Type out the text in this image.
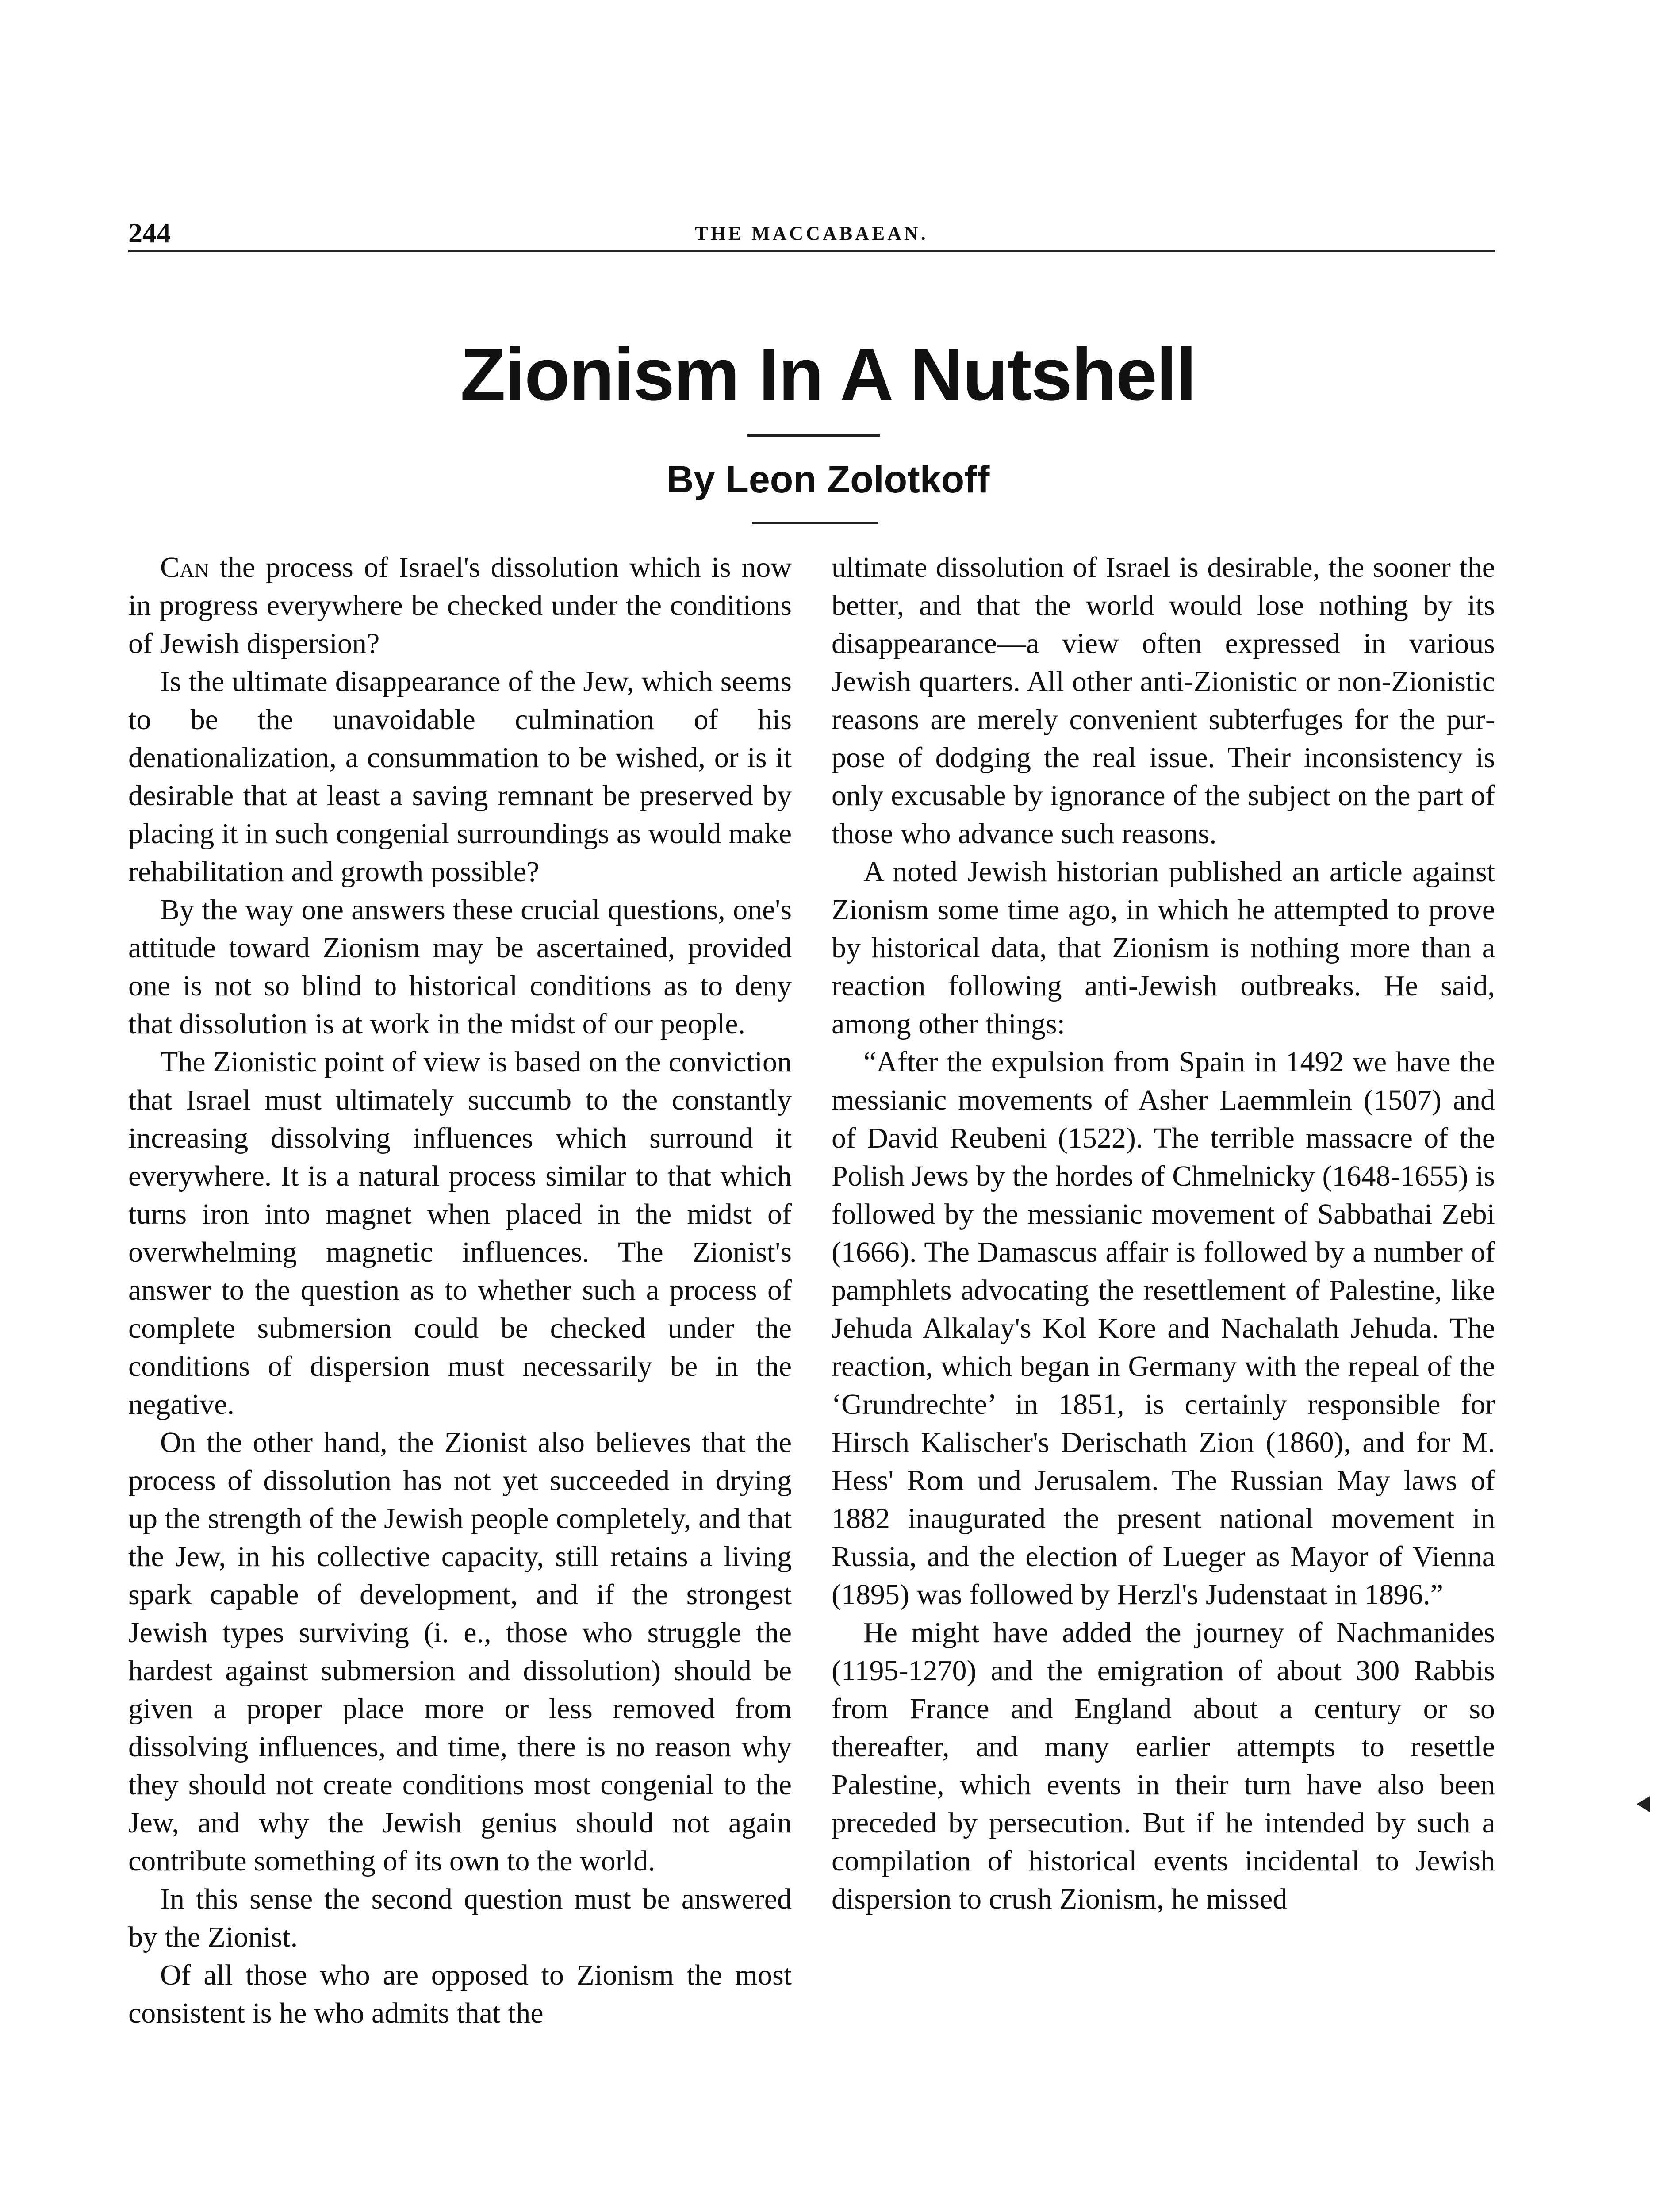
244	THE MACCABAEAN.
Zionism In A Nutshell
By Leon Zolotkoff

Can the process of Israel's dissolution which is now in progress everywhere be checked under the conditions of Jewish dispersion?

Is the ultimate disappearance of the Jew, which seems to be the unavoidable culmination of his denationalization, a consummation to be wished, or is it desirable that at least a saving remnant be preserved by placing it in such congenial surroundings as would make rehabilitation and growth possible?

By the way one answers these crucial questions, one's attitude toward Zionism may be ascertained, provided one is not so blind to historical conditions as to deny that dissolution is at work in the midst of our people.

The Zionistic point of view is based on the conviction that Israel must ultimately succumb to the constantly increasing dissolving influences which surround it everywhere. It is a natural process similar to that which turns iron into magnet when placed in the midst of overwhelming magnetic influences. The Zionist's answer to the question as to whether such a process of complete submersion could be checked under the conditions of dispersion must necessarily be in the negative.

On the other hand, the Zionist also believes that the process of dissolution has not yet succeeded in drying up the strength of the Jewish people completely, and that the Jew, in his collective capacity, still retains a living spark capable of development, and if the strongest Jewish types surviving (i. e., those who struggle the hardest against submersion and dissolution) should be given a proper place more or less removed from dissolving influences, and time, there is no reason why they should not create conditions most congenial to the Jew, and why the Jewish genius should not again contribute something of its own to the world.

In this sense the second question must be answered by the Zionist.

Of all those who are opposed to Zionism the most consistent is he who admits that the

ultimate dissolution of Israel is desirable, the sooner the better, and that the world would lose nothing by its disappearance—a view often expressed in various Jewish quarters. All other anti-Zionistic or non-Zionistic reasons are merely convenient subterfuges for the purpose of dodging the real issue. Their inconsistency is only excusable by ignorance of the subject on the part of those who advance such reasons.

A noted Jewish historian published an article against Zionism some time ago, in which he attempted to prove by historical data, that Zionism is nothing more than a reaction following anti-Jewish outbreaks. He said, among other things:

“After the expulsion from Spain in 1492 we have the messianic movements of Asher Laemmlein (1507) and of David Reubeni (1522). The terrible massacre of the Polish Jews by the hordes of Chmelnicky (1648-1655) is followed by the messianic movement of Sabbathai Zebi (1666). The Damascus affair is followed by a number of pamphlets advocating the resettlement of Palestine, like Jehuda Alkalay's Kol Kore and Nachalath Jehuda. The reaction, which began in Germany with the repeal of the ‘Grundrechte’ in 1851, is certainly responsible for Hirsch Kalischer's Derischath Zion (1860), and for M. Hess' Rom und Jerusalem. The Russian May laws of 1882 inaugurated the present national movement in Russia, and the election of Lueger as Mayor of Vienna (1895) was followed by Herzl's Judenstaat in 1896.”

He might have added the journey of Nachmanides (1195-1270) and the emigration of about 300 Rabbis from France and England about a century or so thereafter, and many earlier attempts to resettle Palestine, which events in their turn have also been preceded by persecution. But if he intended by such a compilation of historical events incidental to Jewish dispersion to crush Zionism, he missed
